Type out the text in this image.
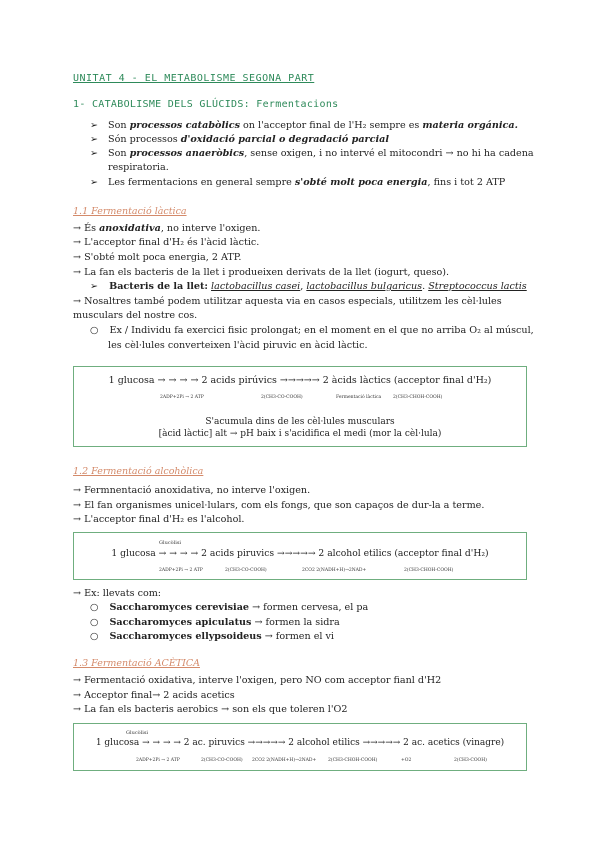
UNITAT 4 - EL METABOLISME SEGONA PART
1- CATABOLISME DELS GLÚCIDS: Fermentacions
➢ Son processos catabòlics on l'acceptor final de l'H₂ sempre es materia orgánica.
➢ Són processos d'oxidació parcial o degradació parcial
➢ Son processos anaeròbics, sense oxigen, i no intervé el mitocondri → no hi ha cadena
respiratoria.
➢ Les fermentacions en general sempre s'obté molt poca energia, fins i tot 2 ATP
1.1 Fermentació làctica
→ És anoxidativa, no interve l'oxigen.
→ L'acceptor final d'H₂ és l'àcid làctic.
→ S'obté molt poca energia, 2 ATP.
→ La fan els bacteris de la llet i produeixen derivats de la llet (iogurt, queso).
➢ Bacteris de la llet: lactobacillus casei, lactobacillus bulgaricus. Streptococcus lactis
→ Nosaltres també podem utilitzar aquesta via en casos especials, utilitzem les cèl·lules
musculars del nostre cos.
○ Ex / Individu fa exercici fisic prolongat; en el moment en el que no arriba O₂ al múscul,
les cèl·lules converteixen l'àcid piruvic en àcid làctic.
1 glucosa → → → → 2 acids pirúvics →→→→→ 2 àcids làctics (acceptor final d'H₂)
2ADP+2Pi → 2 ATP	2(CH3-CO-COOH)	Fermentació làctica	2(CH3-CHOH-COOH)
S'acumula dins de les cèl·lules musculars
[àcid làctic] alt → pH baix i s'acidifica el medi (mor la cèl·lula)
1.2 Fermentació alcohòlica
→ Fermnentació anoxidativa, no interve l'oxigen.
→ El fan organismes unicel·lulars, com els fongs, que son capaços de dur-la a terme.
→ L'acceptor final d'H₂ es l'alcohol.
Glucòlisi
1 glucosa → → → → 2 acids piruvics →→→→→ 2 alcohol etilics (acceptor final d'H₂)
2ADP+2Pi → 2 ATP	2(CH3-CO-COOH)	2CO2 2(NADH+H)→2NAD+	2(CH3-CHOH-COOH)
→ Ex: llevats com:
○ Saccharomyces cerevisiae → formen cervesa, el pa
○ Saccharomyces apiculatus → formen la sidra
○ Saccharomyces ellypsoideus → formen el vi
1.3 Fermentació ACÈTICA
→ Fermentació oxidativa, interve l'oxigen, pero NO com acceptor fianl d'H2
→ Acceptor final→ 2 acids acetics
→ La fan els bacteris aerobics → son els que toleren l'O2
Glucòlisi
1 glucosa → → → → 2 ac. piruvics →→→→→ 2 alcohol etilics →→→→→ 2 ac. acetics (vinagre)
2ADP+2Pi → 2 ATP	2(CH3-CO-COOH) 2CO2 2(NADH+H)→2NAD+	2(CH3-CHOH-COOH)	+O2	2(CH3-COOH)
